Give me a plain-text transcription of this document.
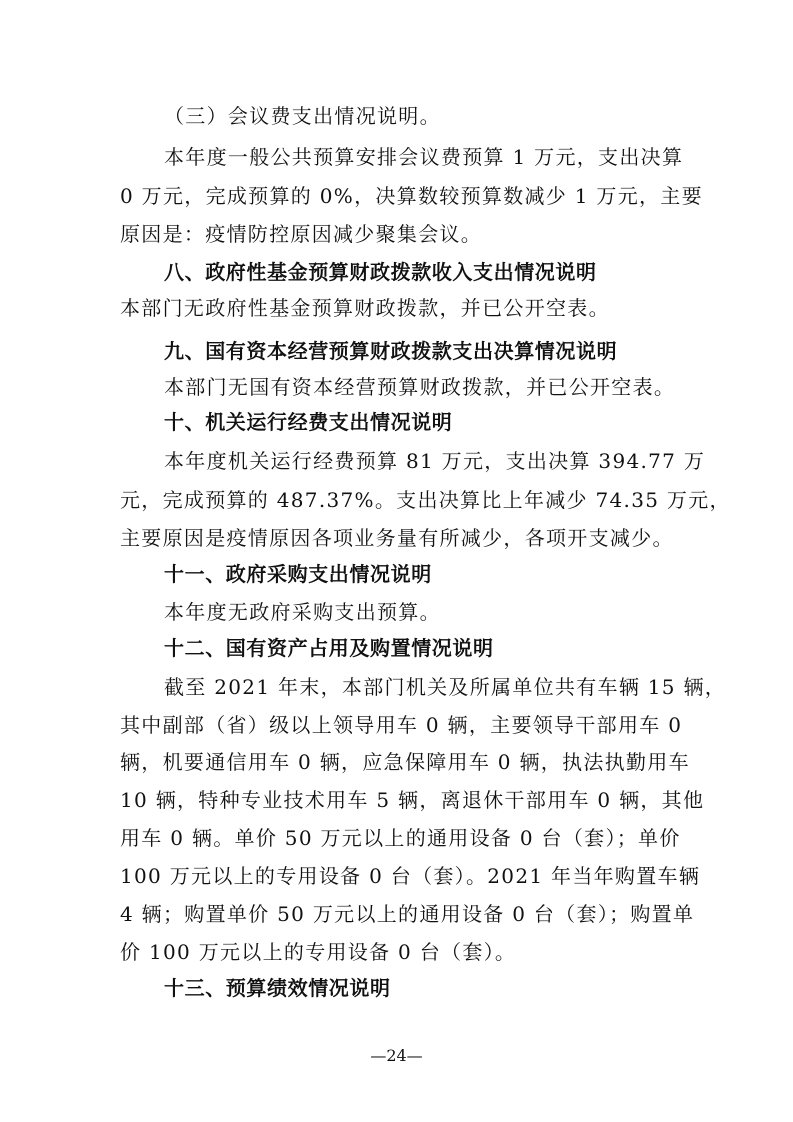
（三）会议费支出情况说明。
本年度一般公共预算安排会议费预算 1 万元，支出决算
0 万元，完成预算的 0%，决算数较预算数减少 1 万元，主要
原因是：疫情防控原因减少聚集会议。
八、政府性基金预算财政拨款收入支出情况说明
本部门无政府性基金预算财政拨款，并已公开空表。
九、国有资本经营预算财政拨款支出决算情况说明
本部门无国有资本经营预算财政拨款，并已公开空表。
十、机关运行经费支出情况说明
本年度机关运行经费预算 81 万元，支出决算 394.77 万
元，完成预算的 487.37%。支出决算比上年减少 74.35 万元，
主要原因是疫情原因各项业务量有所减少，各项开支减少。
十一、政府采购支出情况说明
本年度无政府采购支出预算。
十二、国有资产占用及购置情况说明
截至 2021 年末，本部门机关及所属单位共有车辆 15 辆，
其中副部（省）级以上领导用车 0 辆，主要领导干部用车 0
辆，机要通信用车 0 辆，应急保障用车 0 辆，执法执勤用车
10 辆，特种专业技术用车 5 辆，离退休干部用车 0 辆，其他
用车 0 辆。单价 50 万元以上的通用设备 0 台（套）；单价
100 万元以上的专用设备 0 台（套）。2021 年当年购置车辆
4 辆；购置单价 50 万元以上的通用设备 0 台（套）；购置单
价 100 万元以上的专用设备 0 台（套）。
十三、预算绩效情况说明
—24—
